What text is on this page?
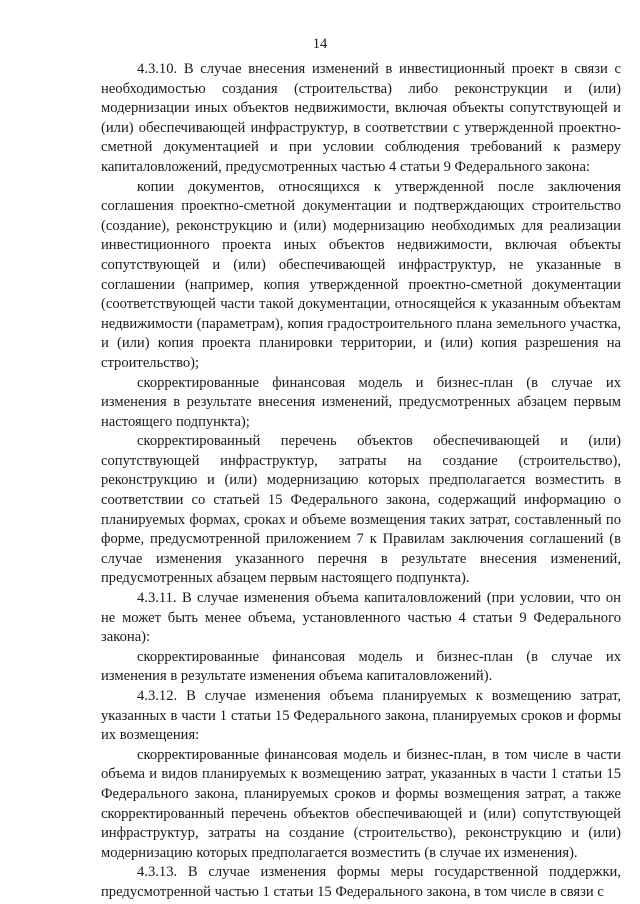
14

4.3.10. В случае внесения изменений в инвестиционный проект в связи с необходимостью создания (строительства) либо реконструкции и (или) модернизации иных объектов недвижимости, включая объекты сопутствующей и (или) обеспечивающей инфраструктур, в соответствии с утвержденной проектно-сметной документацией и при условии соблюдения требований к размеру капиталовложений, предусмотренных частью 4 статьи 9 Федерального закона:

копии документов, относящихся к утвержденной после заключения соглашения проектно-сметной документации и подтверждающих строительство (создание), реконструкцию и (или) модернизацию необходимых для реализации инвестиционного проекта иных объектов недвижимости, включая объекты сопутствующей и (или) обеспечивающей инфраструктур, не указанные в соглашении (например, копия утвержденной проектно-сметной документации (соответствующей части такой документации, относящейся к указанным объектам недвижимости (параметрам), копия градостроительного плана земельного участка, и (или) копия проекта планировки территории, и (или) копия разрешения на строительство);

скорректированные финансовая модель и бизнес-план (в случае их изменения в результате внесения изменений, предусмотренных абзацем первым настоящего подпункта);

скорректированный перечень объектов обеспечивающей и (или) сопутствующей инфраструктур, затраты на создание (строительство), реконструкцию и (или) модернизацию которых предполагается возместить в соответствии со статьей 15 Федерального закона, содержащий информацию о планируемых формах, сроках и объеме возмещения таких затрат, составленный по форме, предусмотренной приложением 7 к Правилам заключения соглашений (в случае изменения указанного перечня в результате внесения изменений, предусмотренных абзацем первым настоящего подпункта).

4.3.11. В случае изменения объема капиталовложений (при условии, что он не может быть менее объема, установленного частью 4 статьи 9 Федерального закона):

скорректированные финансовая модель и бизнес-план (в случае их изменения в результате изменения объема капиталовложений).

4.3.12. В случае изменения объема планируемых к возмещению затрат, указанных в части 1 статьи 15 Федерального закона, планируемых сроков и формы их возмещения:

скорректированные финансовая модель и бизнес-план, в том числе в части объема и видов планируемых к возмещению затрат, указанных в части 1 статьи 15 Федерального закона, планируемых сроков и формы возмещения затрат, а также скорректированный перечень объектов обеспечивающей и (или) сопутствующей инфраструктур, затраты на создание (строительство), реконструкцию и (или) модернизацию которых предполагается возместить (в случае их изменения).

4.3.13. В случае изменения формы меры государственной поддержки, предусмотренной частью 1 статьи 15 Федерального закона, в том числе в связи с
